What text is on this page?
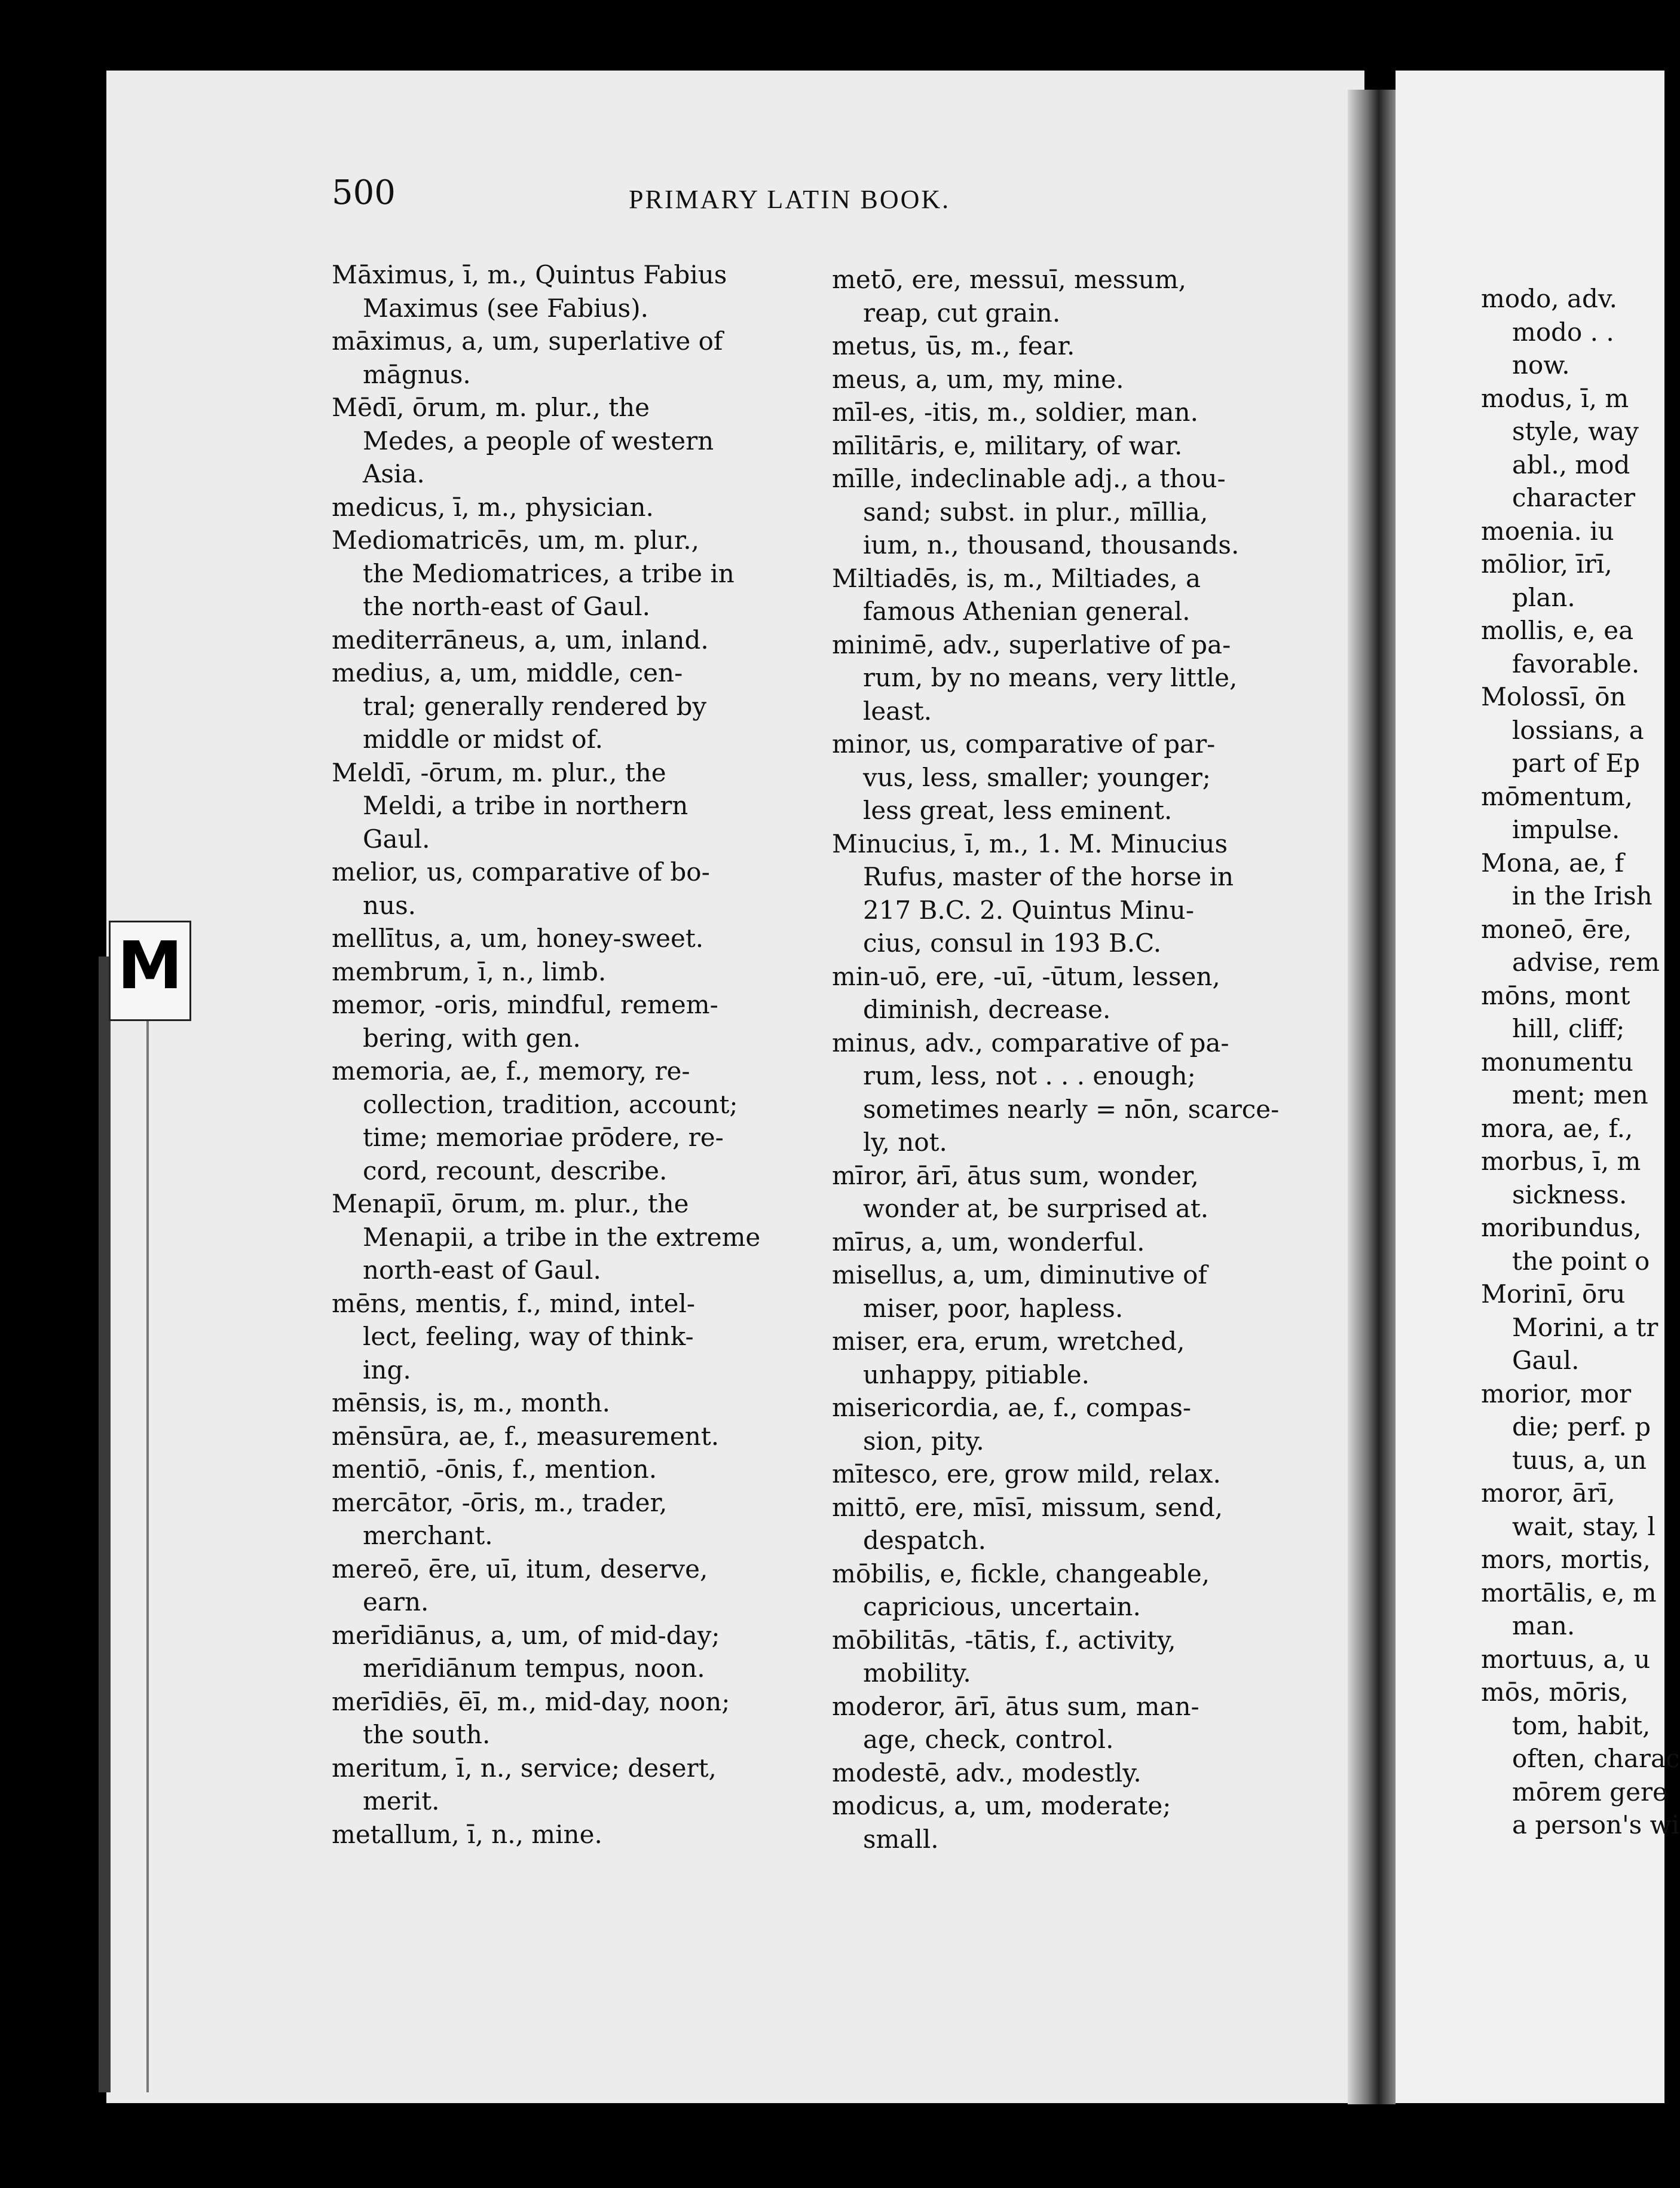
500	PRIMARY LATIN BOOK.
M
Māximus, ī, m., Quintus Fabius
Maximus (see Fabius).
māximus, a, um, superlative of
māgnus.
Mēdī, ōrum, m. plur., the
Medes, a people of western
Asia.
medicus, ī, m., physician.
Mediomatricēs, um, m. plur.,
the Mediomatrices, a tribe in
the north-east of Gaul.
mediterrāneus, a, um, inland.
medius, a, um, middle, cen-
tral; generally rendered by
middle or midst of.
Meldī, -ōrum, m. plur., the
Meldi, a tribe in northern
Gaul.
melior, us, comparative of bo-
nus.
mellītus, a, um, honey-sweet.
membrum, ī, n., limb.
memor, -oris, mindful, remem-
bering, with gen.
memoria, ae, f., memory, re-
collection, tradition, account;
time; memoriae prōdere, re-
cord, recount, describe.
Menapiī, ōrum, m. plur., the
Menapii, a tribe in the extreme
north-east of Gaul.
mēns, mentis, f., mind, intel-
lect, feeling, way of think-
ing.
mēnsis, is, m., month.
mēnsūra, ae, f., measurement.
mentiō, -ōnis, f., mention.
mercātor, -ōris, m., trader,
merchant.
mereō, ēre, uī, itum, deserve,
earn.
merīdiānus, a, um, of mid-day;
merīdiānum tempus, noon.
merīdiēs, ēī, m., mid-day, noon;
the south.
meritum, ī, n., service; desert,
merit.
metallum, ī, n., mine.
metō, ere, messuī, messum,
reap, cut grain.
metus, ūs, m., fear.
meus, a, um, my, mine.
mīl-es, -itis, m., soldier, man.
mīlitāris, e, military, of war.
mīlle, indeclinable adj., a thou-
sand; subst. in plur., mīllia,
ium, n., thousand, thousands.
Miltiadēs, is, m., Miltiades, a
famous Athenian general.
minimē, adv., superlative of pa-
rum, by no means, very little,
least.
minor, us, comparative of par-
vus, less, smaller; younger;
less great, less eminent.
Minucius, ī, m., 1. M. Minucius
Rufus, master of the horse in
217 B.C. 2. Quintus Minu-
cius, consul in 193 B.C.
min-uō, ere, -uī, -ūtum, lessen,
diminish, decrease.
minus, adv., comparative of pa-
rum, less, not . . . enough;
sometimes nearly = nōn, scarce-
ly, not.
mīror, ārī, ātus sum, wonder,
wonder at, be surprised at.
mīrus, a, um, wonderful.
misellus, a, um, diminutive of
miser, poor, hapless.
miser, era, erum, wretched,
unhappy, pitiable.
misericordia, ae, f., compas-
sion, pity.
mītesco, ere, grow mild, relax.
mittō, ere, mīsī, missum, send,
despatch.
mōbilis, e, fickle, changeable,
capricious, uncertain.
mōbilitās, -tātis, f., activity,
mobility.
moderor, ārī, ātus sum, man-
age, check, control.
modestē, adv., modestly.
modicus, a, um, moderate;
small.
modo, adv.
modo . .
now.
modus, ī, m
style, way
abl., mod
character
moenia. iu
mōlior, īrī,
plan.
mollis, e, ea
favorable.
Molossī, ōn
lossians, a
part of Ep
mōmentum,
impulse.
Mona, ae, f
in the Irish
moneō, ēre,
advise, rem
mōns, mont
hill, cliff;
monumentu
ment; men
mora, ae, f.,
morbus, ī, m
sickness.
moribundus,
the point o
Morinī, ōru
Morini, a tr
Gaul.
morior, mor
die; perf. p
tuus, a, un
moror, ārī,
wait, stay, l
mors, mortis,
mortālis, e, m
man.
mortuus, a, u
mōs, mōris,
tom, habit,
often, charac
mōrem gere
a person's wi
